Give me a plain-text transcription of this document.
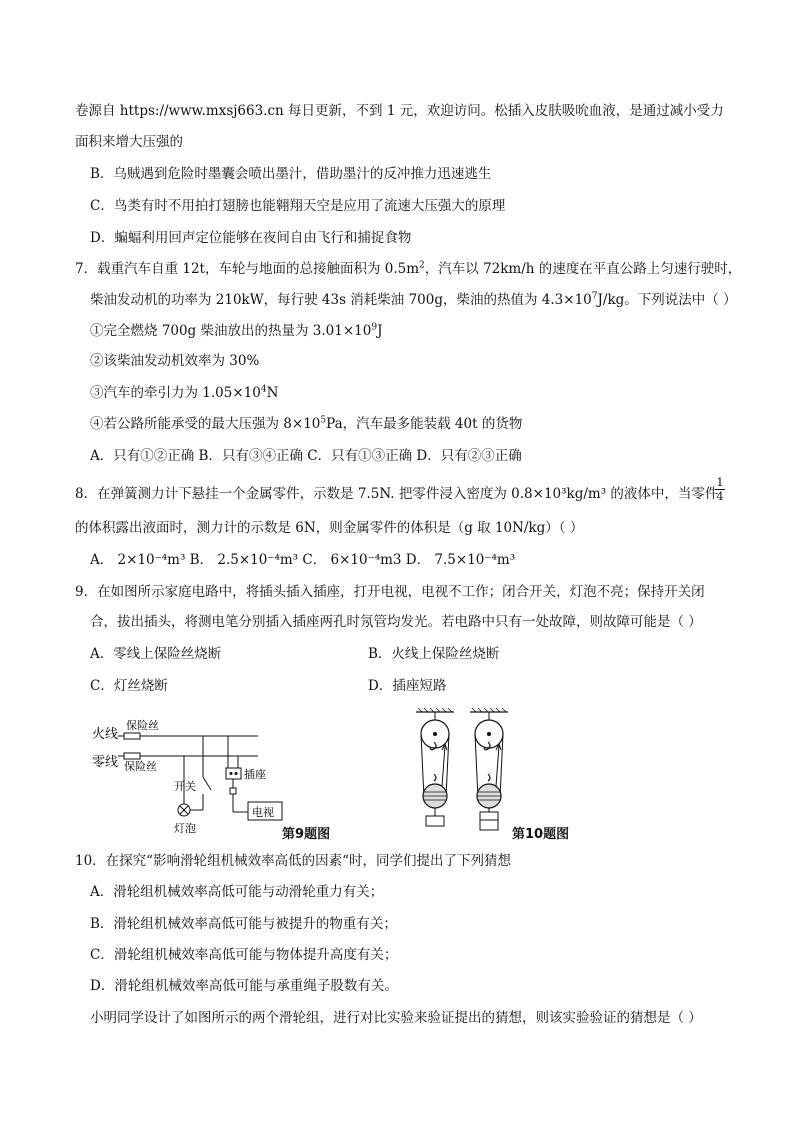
卷源自 https://www.mxsj663.cn 每日更新，不到 1 元，欢迎访问。松插入皮肤吸吮血液，是通过减小受力
面积来增大压强的
B．乌贼遇到危险时墨囊会喷出墨汁，借助墨汁的反冲推力迅速逃生
C．鸟类有时不用拍打翅膀也能翱翔天空是应用了流速大压强大的原理
D．蝙蝠利用回声定位能够在夜间自由飞行和捕捉食物
7．载重汽车自重 12t，车轮与地面的总接触面积为 $0.5m^2$，汽车以 72km/h 的速度在平直公路上匀速行驶时，
柴油发动机的功率为 210kW，每行驶 43s 消耗柴油 700g，柴油的热值为 $4.3\times 10^7J/kg$。下列说法中（ ）
①完全燃烧 700g 柴油放出的热量为 $3.01\times 10^9J$
②该柴油发动机效率为 30%
③汽车的牵引力为 $1.05\times 10^4N$
④若公路所能承受的最大压强为 $8\times 10^5Pa$，汽车最多能装载 40t 的货物
A．只有①②正确 B．只有③④正确 C．只有①③正确 D．只有②③正确
8．在弹簧测力计下悬挂一个金属零件，示数是 7.5N. 把零件浸入密度为 0.8×10³kg/m³ 的液体中，当零件
1
4
的体积露出液面时，测力计的示数是 6N，则金属零件的体积是（g 取 10N/kg）（ ）
A． 2×10⁻⁴m³ B． 2.5×10⁻⁴m³ C． 6×10⁻⁴m3 D． 7.5×10⁻⁴m³
9．在如图所示家庭电路中，将插头插入插座，打开电视，电视不工作；闭合开关，灯泡不亮；保持开关闭
合，拔出插头，将测电笔分别插入插座两孔时氖管均发光。若电路中只有一处故障，则故障可能是（ ）
A．零线上保险丝烧断	B．火线上保险丝烧断
C．灯丝烧断	D．插座短路
火线
零线
保险丝
保险丝
开关
灯泡
插座
电视
第9题图	第10题图
10．在探究“影响滑轮组机械效率高低的因素“时，同学们提出了下列猜想
A．滑轮组机械效率高低可能与动滑轮重力有关；
B．滑轮组机械效率高低可能与被提升的物重有关；
C．滑轮组机械效率高低可能与物体提升高度有关；
D．滑轮组机械效率高低可能与承重绳子股数有关。
小明同学设计了如图所示的两个滑轮组，进行对比实验来验证提出的猜想，则该实验验证的猜想是（ ）
